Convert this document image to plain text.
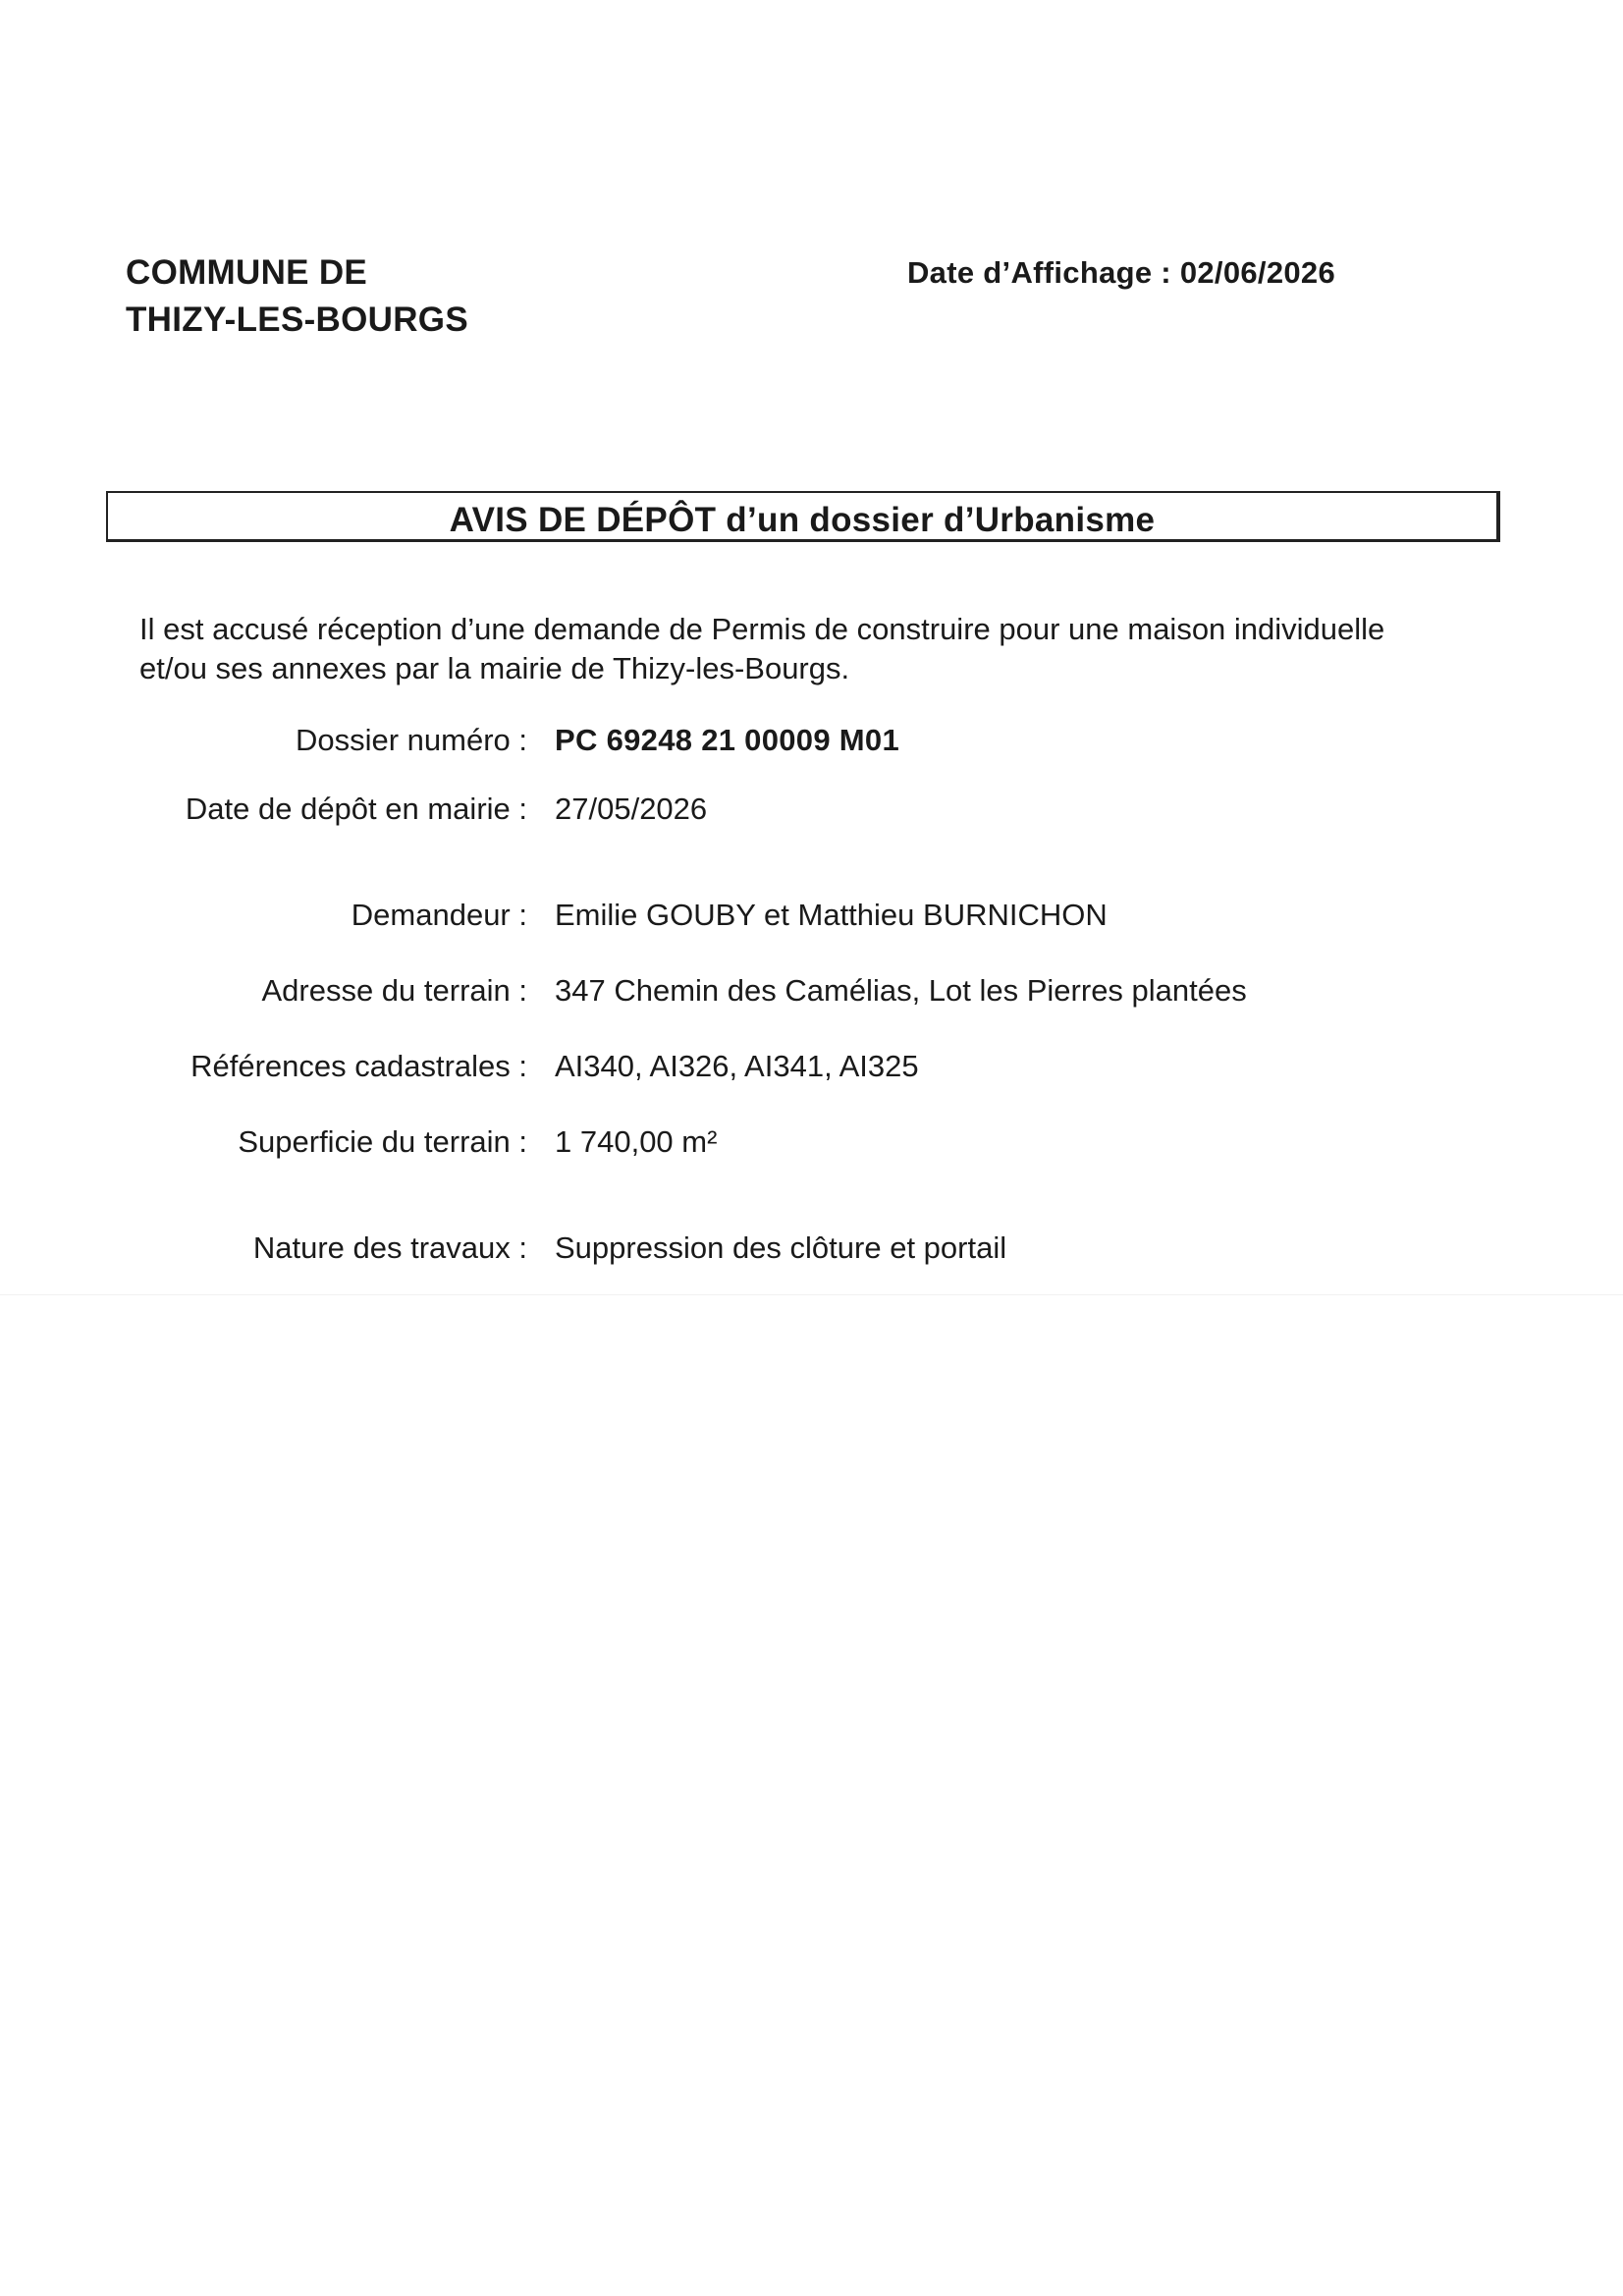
COMMUNE DE
THIZY-LES-BOURGS
Date d’Affichage : 02/06/2026
AVIS DE DÉPÔT d’un dossier d’Urbanisme
Il est accusé réception d’une demande de Permis de construire pour une maison individuelle
et/ou ses annexes par la mairie de Thizy-les-Bourgs.
Dossier numéro : PC 69248 21 00009 M01
Date de dépôt en mairie : 27/05/2026
Demandeur : Emilie GOUBY et Matthieu BURNICHON
Adresse du terrain : 347 Chemin des Camélias, Lot les Pierres plantées
Références cadastrales : AI340, AI326, AI341, AI325
Superficie du terrain : 1 740,00 m²
Nature des travaux : Suppression des clôture et portail
